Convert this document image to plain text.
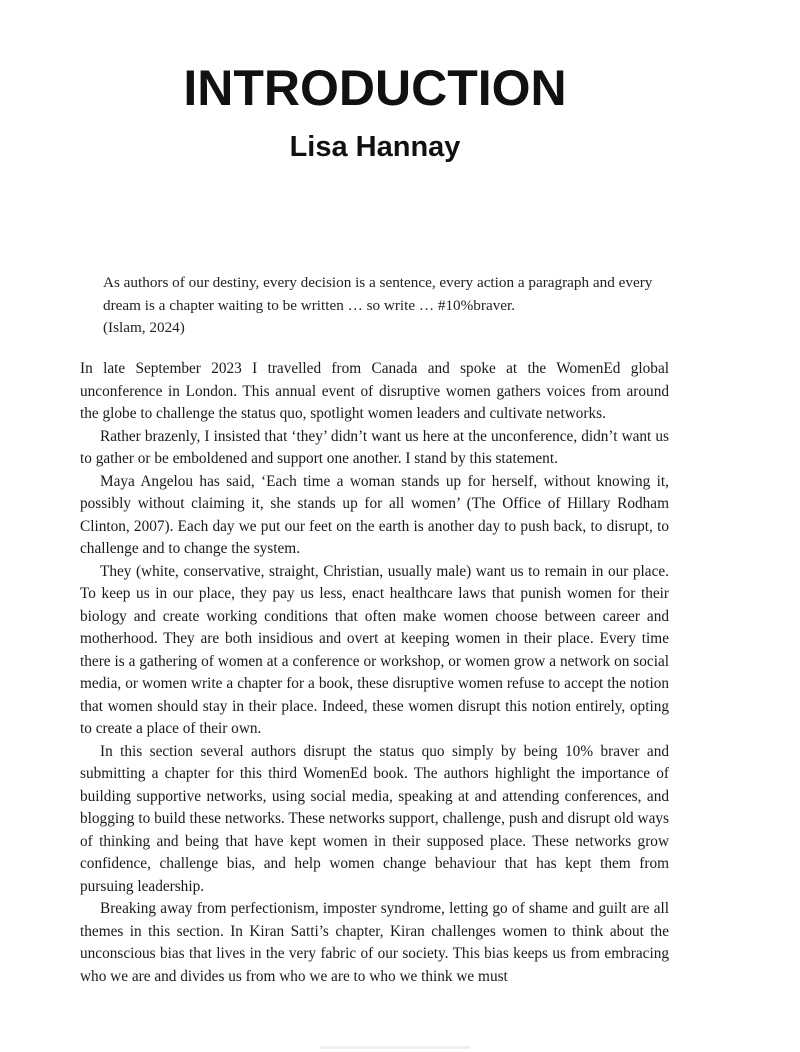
INTRODUCTION
Lisa Hannay

As authors of our destiny, every decision is a sentence, every action a paragraph and every dream is a chapter waiting to be written … so write … #10%braver.

(Islam, 2024)

In late September 2023 I travelled from Canada and spoke at the WomenEd global unconference in London. This annual event of disruptive women gathers voices from around the globe to challenge the status quo, spotlight women leaders and cultivate networks.

Rather brazenly, I insisted that ‘they’ didn’t want us here at the unconference, didn’t want us to gather or be emboldened and support one another. I stand by this statement.

Maya Angelou has said, ‘Each time a woman stands up for herself, without knowing it, possibly without claiming it, she stands up for all women’ (The Office of Hillary Rodham Clinton, 2007). Each day we put our feet on the earth is another day to push back, to disrupt, to challenge and to change the system.

They (white, conservative, straight, Christian, usually male) want us to remain in our place. To keep us in our place, they pay us less, enact healthcare laws that punish women for their biology and create working conditions that often make women choose between career and motherhood. They are both insidious and overt at keeping women in their place. Every time there is a gathering of women at a conference or workshop, or women grow a network on social media, or women write a chapter for a book, these disruptive women refuse to accept the notion that women should stay in their place. Indeed, these women disrupt this notion entirely, opting to create a place of their own.

In this section several authors disrupt the status quo simply by being 10% braver and submitting a chapter for this third WomenEd book. The authors highlight the importance of building supportive networks, using social media, speaking at and attending conferences, and blogging to build these networks. These networks support, challenge, push and disrupt old ways of thinking and being that have kept women in their supposed place. These networks grow confidence, challenge bias, and help women change behaviour that has kept them from pursuing leadership.

Breaking away from perfectionism, imposter syndrome, letting go of shame and guilt are all themes in this section. In Kiran Satti’s chapter, Kiran challenges women to think about the unconscious bias that lives in the very fabric of our society. This bias keeps us from embracing who we are and divides us from who we are to who we think we must
